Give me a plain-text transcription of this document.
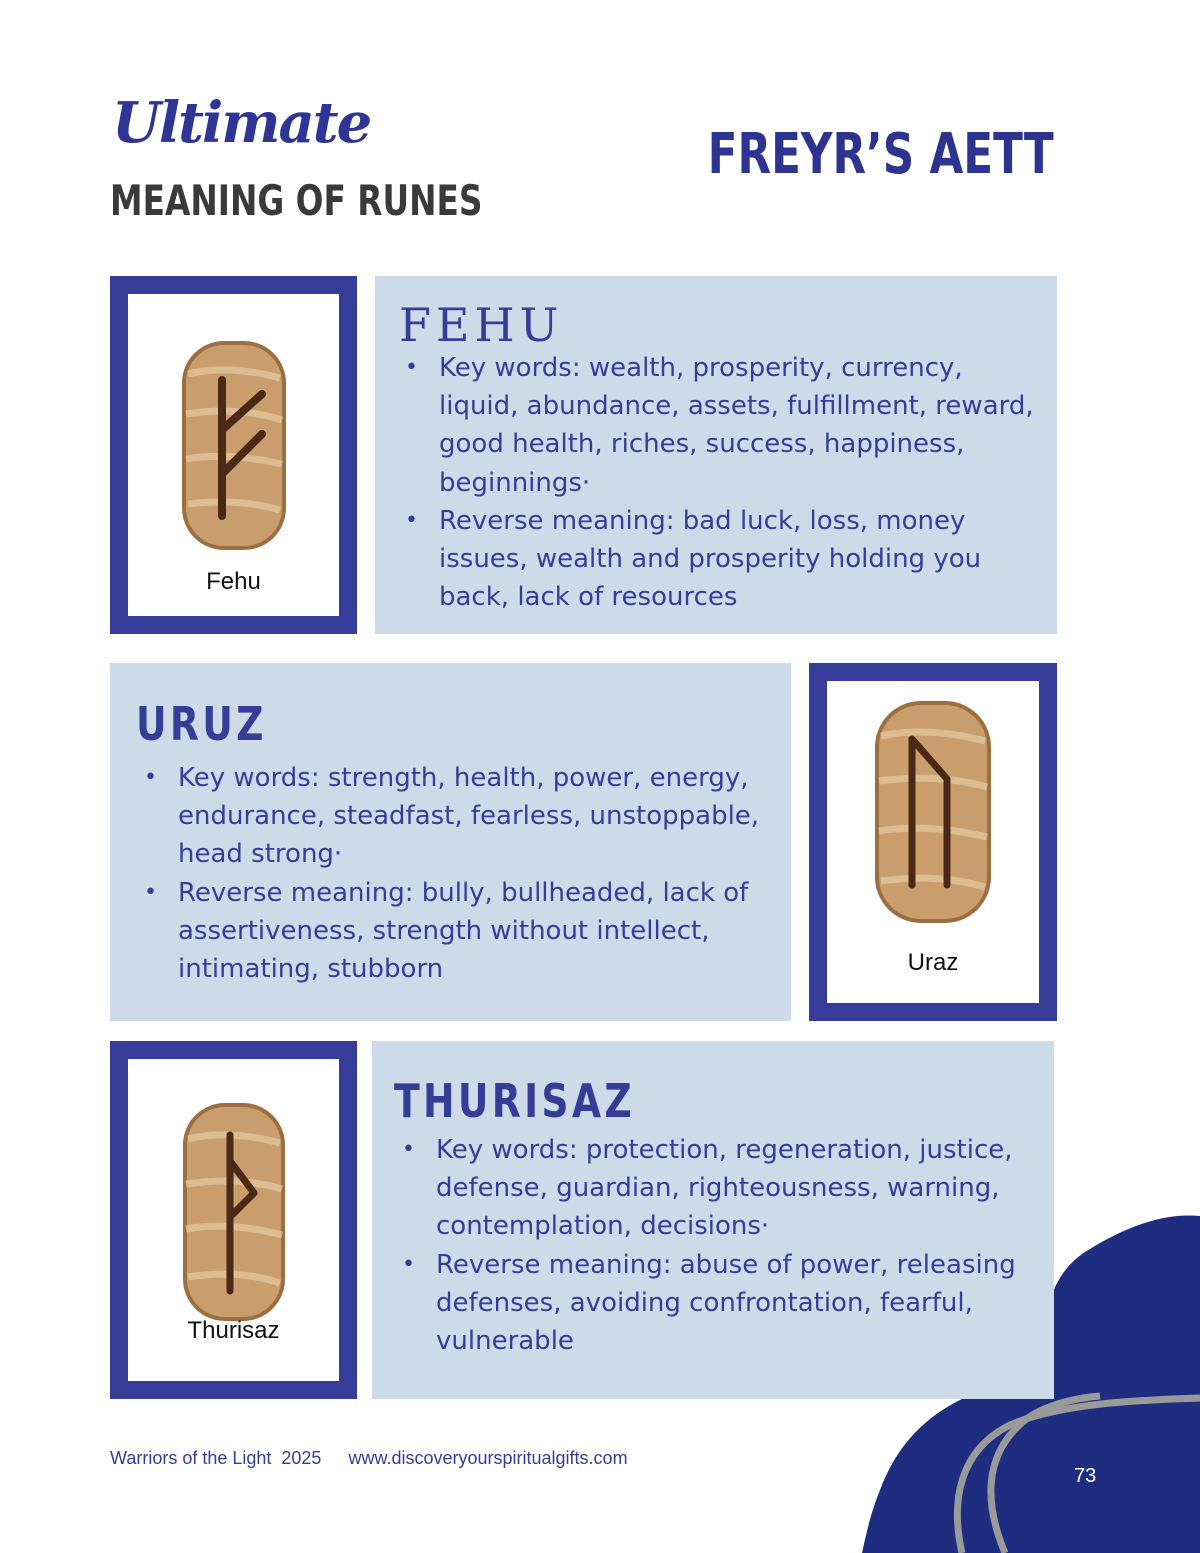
Ultimate
MEANING OF RUNES
FREYR’S AETT
Fehu
FEHU
• Key words: wealth, prosperity, currency, liquid, abundance, assets, fulfillment, reward, good health, riches, success, happiness, beginnings·
• Reverse meaning: bad luck, loss, money issues, wealth and prosperity holding you back, lack of resources
URUZ
• Key words: strength, health, power, energy, endurance, steadfast, fearless, unstoppable, head strong·
• Reverse meaning: bully, bullheaded, lack of assertiveness, strength without intellect, intimating, stubborn	Uraz
Thurisaz
THURISAZ
• Key words: protection, regeneration, justice, defense, guardian, righteousness, warning, contemplation, decisions·
• Reverse meaning: abuse of power, releasing defenses, avoiding confrontation, fearful, vulnerable
Warriors of the Light  2025 www.discoveryourspiritualgifts.com
73
